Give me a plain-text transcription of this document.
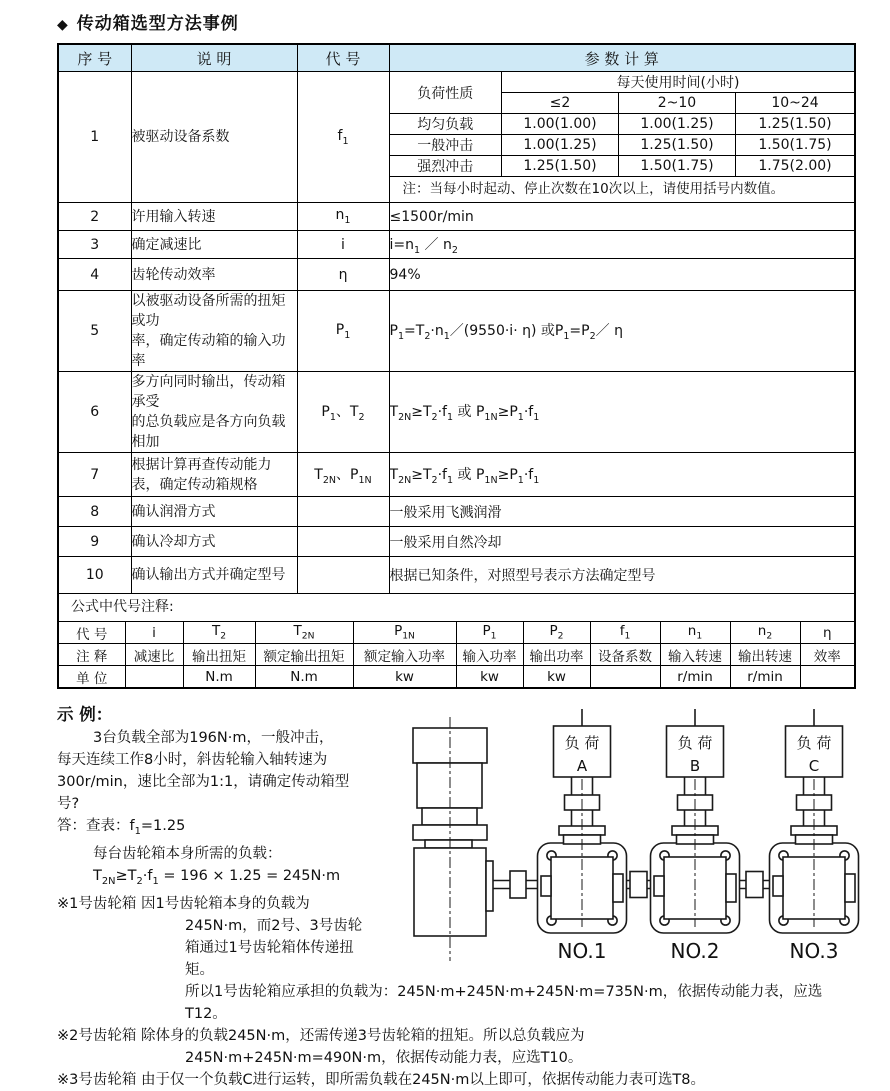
◆ 传动箱选型方法事例
序 号	说 明	代 号	参 数 计 算
1	被驱动设备系数	$f_1$	
负荷性质	每天使用时间(小时)
≤2	2~10	10~24
均匀负载	1.00(1.00)	1.00(1.25)	1.25(1.50)
一般冲击	1.00(1.25)	1.25(1.50)	1.50(1.75)
强烈冲击	1.25(1.50)	1.50(1.75)	1.75(2.00)
注：当每小时起动、停止次数在10次以上，请使用括号内数值。

2	许用输入转速	$n_1$	≤1500r/min
3	确定减速比	i	$i=n_1$ ／ $n_2$
4	齿轮传动效率	η	94%
5	以被驱动设备所需的扭矩或功
率，确定传动箱的输入功率	$P_1$	$P_1=T_2\cdot n_1/(9550\cdot i\cdot \eta)$ 或$P_1=P_2/$ η
6	多方向同时输出，传动箱承受
的总负载应是各方向负载相加	$P_1$、$T_2$	$T_{2N}\ge T_2\cdot f_1$ 或 $P_{1N}\ge P_1\cdot f_1$
7	根据计算再查传动能力
表，确定传动箱规格	$T_{2N}$、$P_{1N}$	$T_{2N}\ge T_2\cdot f_1$ 或 $P_{1N}\ge P_1\cdot f_1$
8	确认润滑方式		一般采用飞溅润滑
9	确认冷却方式		一般采用自然冷却
10	确认输出方式并确定型号		根据已知条件，对照型号表示方法确定型号
公式中代号注释:
代 号	i	$T_2$	$T_{2N}$	$P_{1N}$	$P_1$	$P_2$	$f_1$	$n_1$	$n_2$	η
注 释	减速比	输出扭矩	额定输出扭矩	额定输入功率	输入功率	输出功率	设备系数	输入转速	输出转速	效率
单 位		N.m	N.m	kw	kw	kw		r/min	r/min	
示 例：
3台负载全部为196N·m，一般冲击，
每天连续工作8小时，斜齿轮输入轴转速为
300r/min，速比全部为1:1，请确定传动箱型
号?
答：查表：$f_1=1.25$
每台齿轮箱本身所需的负载：
$T_{2N}\ge T_2\cdot f_1 = 196 \times 1.25 = 245N\cdot m$
※1号齿轮箱 因1号齿轮箱本身的负载为
245N·m，而2号、3号齿轮
箱通过1号齿轮箱体传递扭
矩。
所以1号齿轮箱应承担的负载为：245N·m+245N·m+245N·m=735N·m，依据传动能力表，应选
T12。
※2号齿轮箱 除体身的负载245N·m，还需传递3号齿轮箱的扭矩。所以总负载应为
245N·m+245N·m=490N·m，依据传动能力表，应选T10。
※3号齿轮箱 由于仅一个负载C进行运转，即所需负载在245N·m以上即可，依据传动能力表可选T8。
负 荷
A
负 荷
B
负 荷
C
NO.1	NO.2	NO.3
